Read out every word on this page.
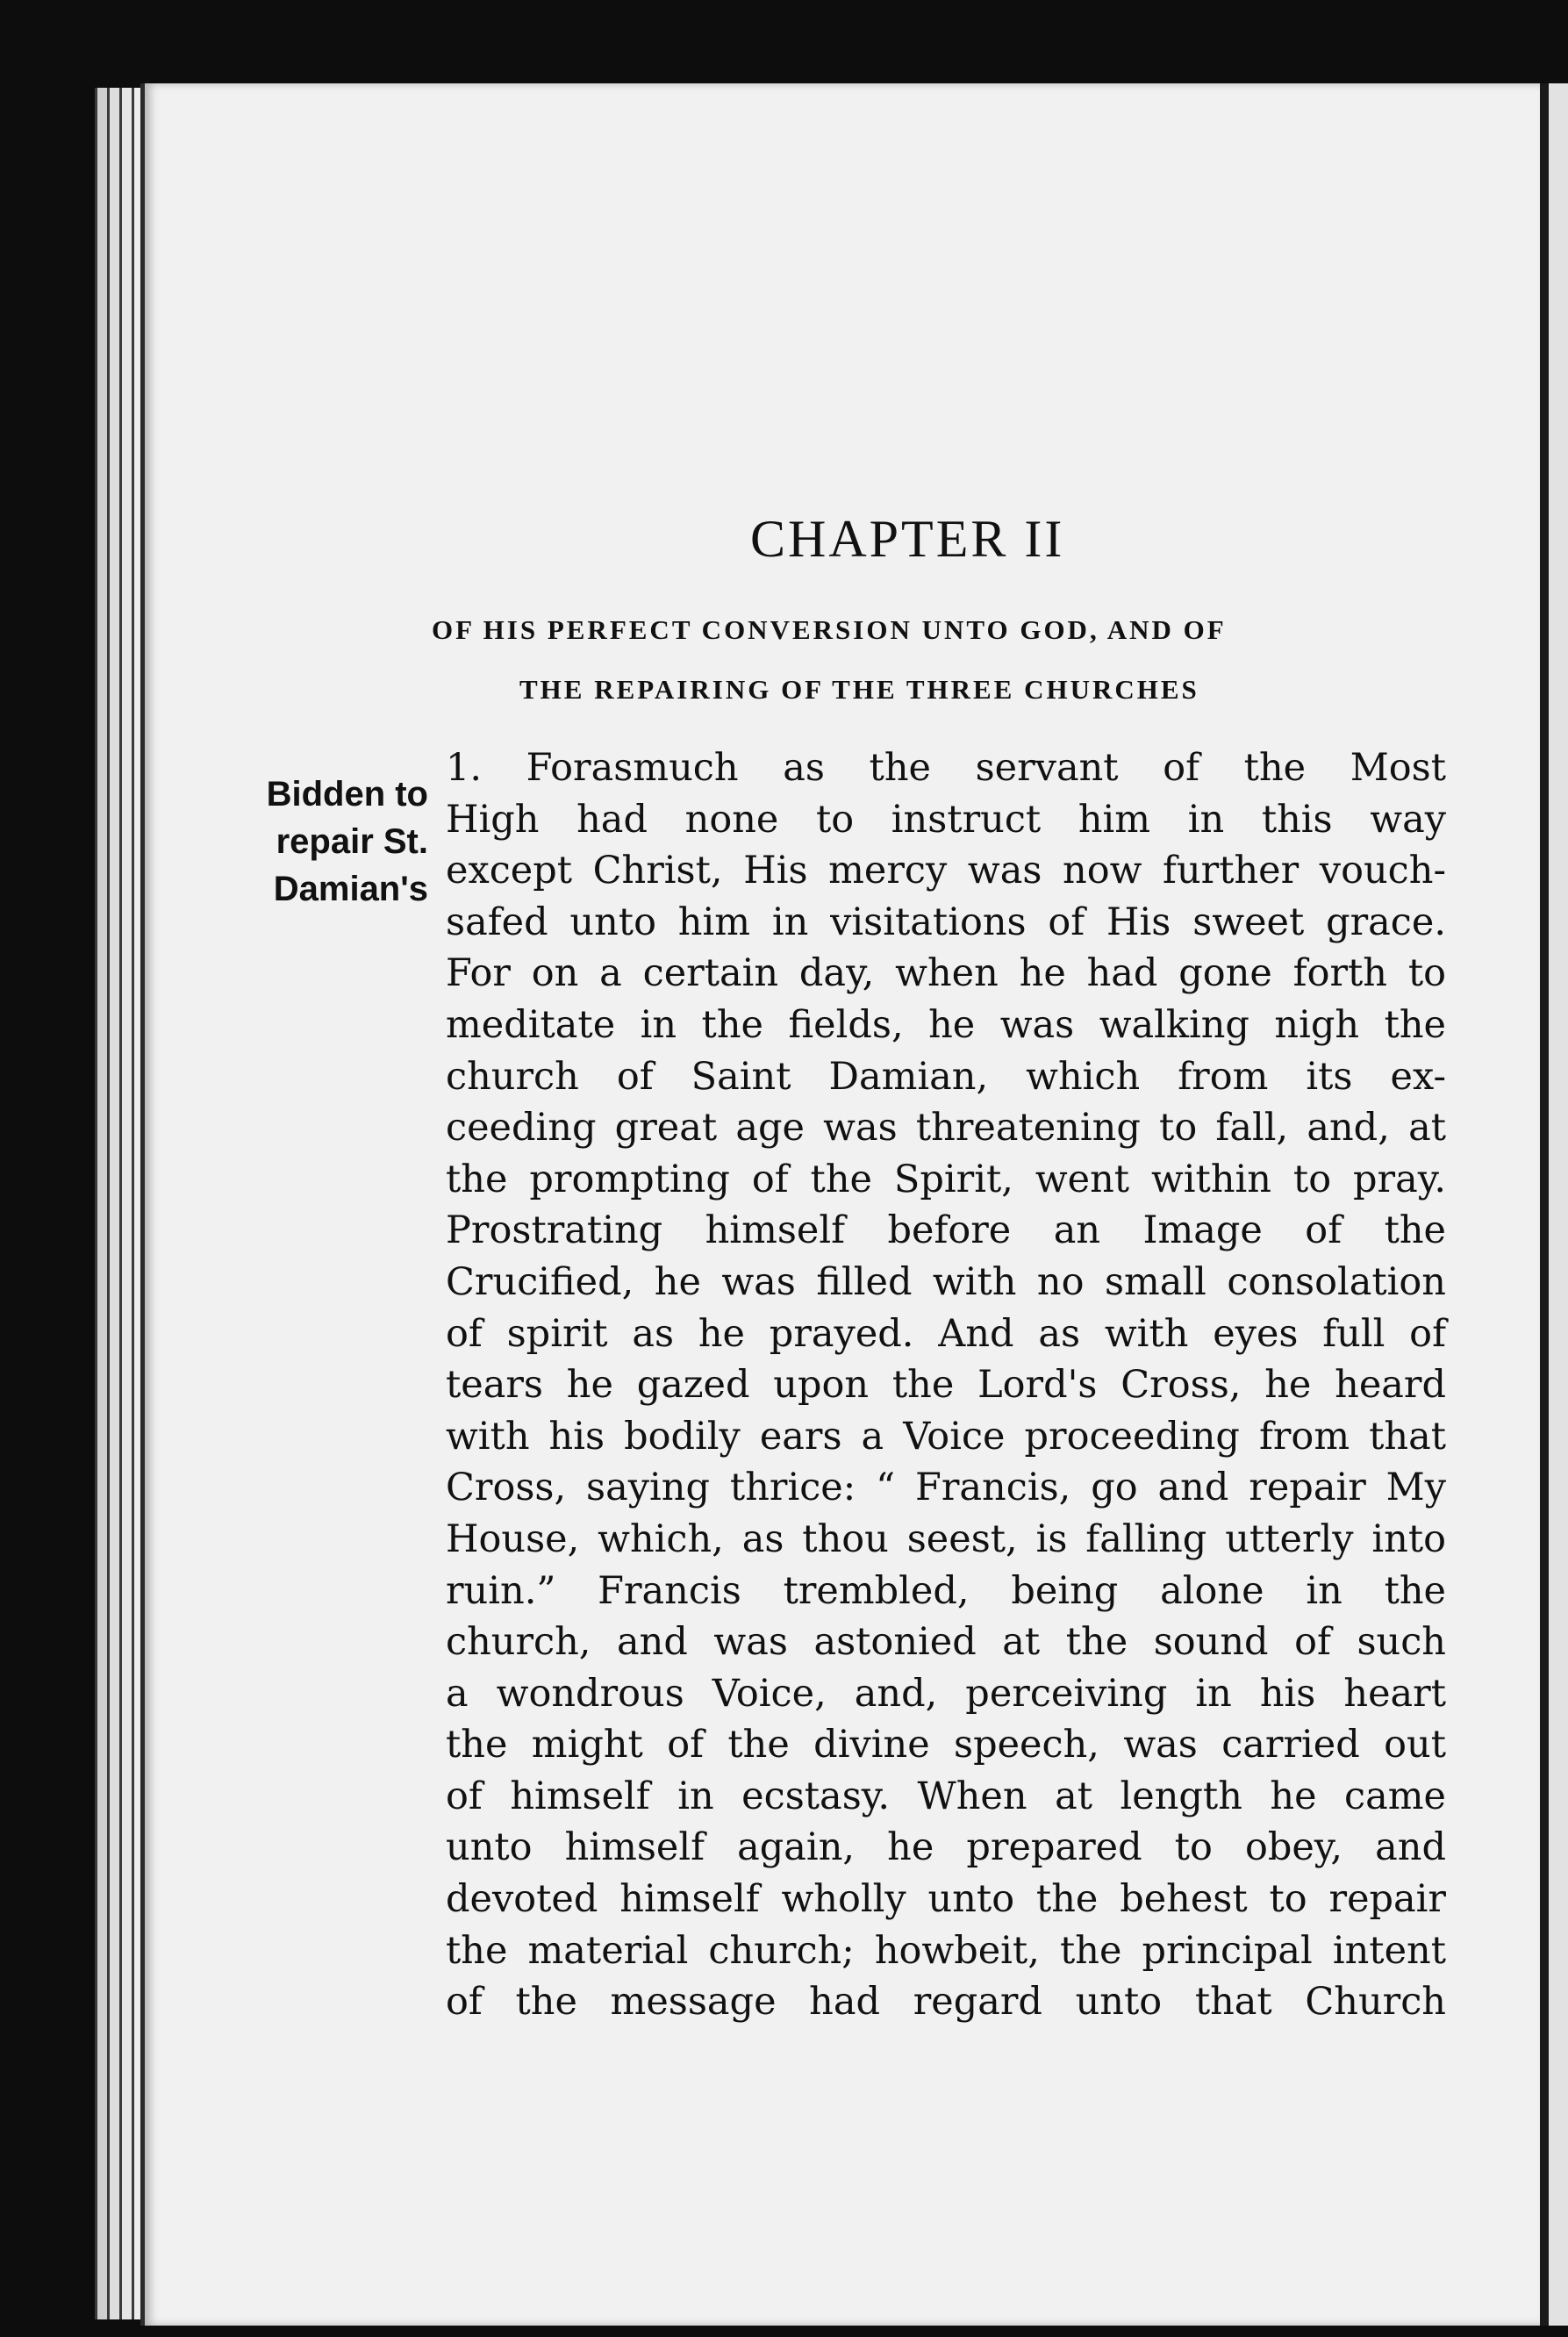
CHAPTER II
OF HIS PERFECT CONVERSION UNTO GOD, AND OF
THE REPAIRING OF THE THREE CHURCHES
Bidden to
repair St.
Damian's
1. Forasmuch as the servant of the Most
High had none to instruct him in this way
except Christ, His mercy was now further vouch-
safed unto him in visitations of His sweet grace.
For on a certain day, when he had gone forth to
meditate in the fields, he was walking nigh the
church of Saint Damian, which from its ex-
ceeding great age was threatening to fall, and, at
the prompting of the Spirit, went within to pray.
Prostrating himself before an Image of the
Crucified, he was filled with no small consolation
of spirit as he prayed. And as with eyes full of
tears he gazed upon the Lord's Cross, he heard
with his bodily ears a Voice proceeding from that
Cross, saying thrice: “ Francis, go and repair My
House, which, as thou seest, is falling utterly into
ruin.” Francis trembled, being alone in the
church, and was astonied at the sound of such
a wondrous Voice, and, perceiving in his heart
the might of the divine speech, was carried out
of himself in ecstasy. When at length he came
unto himself again, he prepared to obey, and
devoted himself wholly unto the behest to repair
the material church; howbeit, the principal intent
of the message had regard unto that Church
